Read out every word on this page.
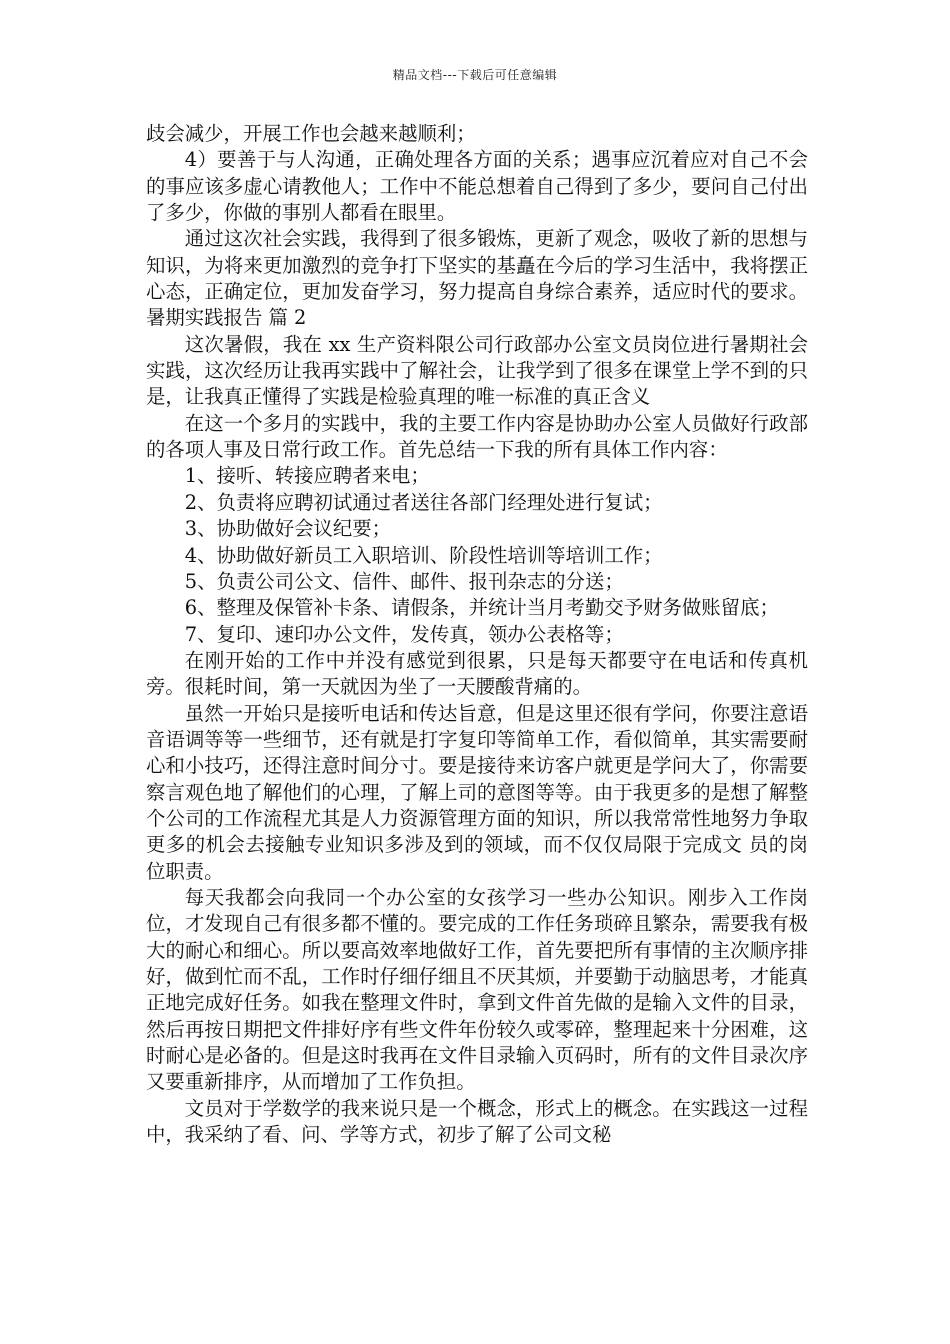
精品文档---下载后可任意编辑

歧会减少，开展工作也会越来越顺利；

4）要善于与人沟通，正确处理各方面的关系；遇事应沉着应对自己不会的事应该多虚心请教他人；工作中不能总想着自己得到了多少，要问自己付出了多少，你做的事别人都看在眼里。

通过这次社会实践，我得到了很多锻炼，更新了观念，吸收了新的思想与知识，为将来更加激烈的竞争打下坚实的基矗在今后的学习生活中，我将摆正心态，正确定位，更加发奋学习，努力提高自身综合素养，适应时代的要求。暑期实践报告 篇 2

这次暑假，我在 xx 生产资料限公司行政部办公室文员岗位进行暑期社会实践，这次经历让我再实践中了解社会，让我学到了很多在课堂上学不到的只是，让我真正懂得了实践是检验真理的唯一标准的真正含义

在这一个多月的实践中，我的主要工作内容是协助办公室人员做好行政部的各项人事及日常行政工作。首先总结一下我的所有具体工作内容：

1、接听、转接应聘者来电；

2、负责将应聘初试通过者送往各部门经理处进行复试；

3、协助做好会议纪要；

4、协助做好新员工入职培训、阶段性培训等培训工作；

5、负责公司公文、信件、邮件、报刊杂志的分送；

6、整理及保管补卡条、请假条，并统计当月考勤交予财务做账留底；

7、复印、速印办公文件，发传真，领办公表格等；

在刚开始的工作中并没有感觉到很累，只是每天都要守在电话和传真机旁。很耗时间，第一天就因为坐了一天腰酸背痛的。

虽然一开始只是接听电话和传达旨意，但是这里还很有学问，你要注意语音语调等等一些细节，还有就是打字复印等简单工作，看似简单，其实需要耐心和小技巧，还得注意时间分寸。要是接待来访客户就更是学问大了，你需要察言观色地了解他们的心理，了解上司的意图等等。由于我更多的是想了解整个公司的工作流程尤其是人力资源管理方面的知识，所以我常常性地努力争取更多的机会去接触专业知识多涉及到的领域，而不仅仅局限于完成文 员的岗位职责。

每天我都会向我同一个办公室的女孩学习一些办公知识。刚步入工作岗位，才发现自己有很多都不懂的。要完成的工作任务琐碎且繁杂，需要我有极大的耐心和细心。所以要高效率地做好工作，首先要把所有事情的主次顺序排好，做到忙而不乱，工作时仔细仔细且不厌其烦，并要勤于动脑思考，才能真正地完成好任务。如我在整理文件时，拿到文件首先做的是输入文件的目录，然后再按日期把文件排好序有些文件年份较久或零碎，整理起来十分困难，这时耐心是必备的。但是这时我再在文件目录输入页码时，所有的文件目录次序又要重新排序，从而增加了工作负担。

文员对于学数学的我来说只是一个概念，形式上的概念。在实践这一过程中，我采纳了看、问、学等方式，初步了解了公司文秘
